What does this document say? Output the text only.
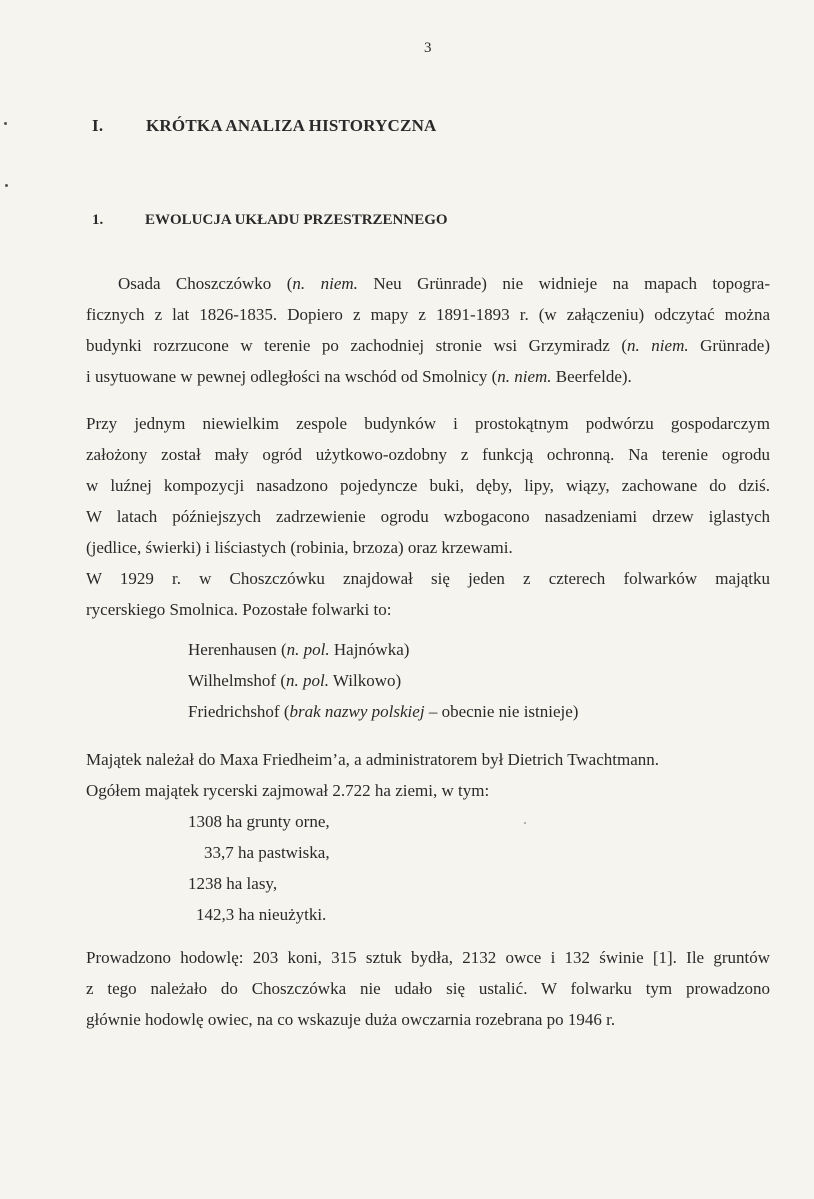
3
I.	KRÓTKA ANALIZA HISTORYCZNA
1.	EWOLUCJA UKŁADU PRZESTRZENNEGO
Osada Choszczówko (n. niem. Neu Grünrade) nie widnieje na mapach topogra-
ficznych z lat 1826-1835. Dopiero z mapy z 1891-1893 r. (w załączeniu) odczytać można
budynki rozrzucone w terenie po zachodniej stronie wsi Grzymiradz (n. niem. Grünrade)
i usytuowane w pewnej odległości na wschód od Smolnicy (n. niem. Beerfelde).
Przy jednym niewielkim zespole budynków i prostokątnym podwórzu gospodarczym
założony został mały ogród użytkowo-ozdobny z funkcją ochronną. Na terenie ogrodu
w luźnej kompozycji nasadzono pojedyncze buki, dęby, lipy, wiązy, zachowane do dziś.
W latach późniejszych zadrzewienie ogrodu wzbogacono nasadzeniami drzew iglastych
(jedlice, świerki) i liściastych (robinia, brzoza) oraz krzewami.
W 1929 r. w Choszczówku znajdował się jeden z czterech folwarków majątku
rycerskiego Smolnica. Pozostałe folwarki to:
Herenhausen (n. pol. Hajnówka)
Wilhelmshof (n. pol. Wilkowo)
Friedrichshof (brak nazwy polskiej – obecnie nie istnieje)
Majątek należał do Maxa Friedheim’a, a administratorem był Dietrich Twachtmann.
Ogółem majątek rycerski zajmował 2.722 ha ziemi, w tym:
1308 ha grunty orne,
33,7 ha pastwiska,
1238 ha lasy,
142,3 ha nieużytki.
Prowadzono hodowlę: 203 koni, 315 sztuk bydła, 2132 owce i 132 świnie [1]. Ile gruntów
z tego należało do Choszczówka nie udało się ustalić. W folwarku tym prowadzono
głównie hodowlę owiec, na co wskazuje duża owczarnia rozebrana po 1946 r.
